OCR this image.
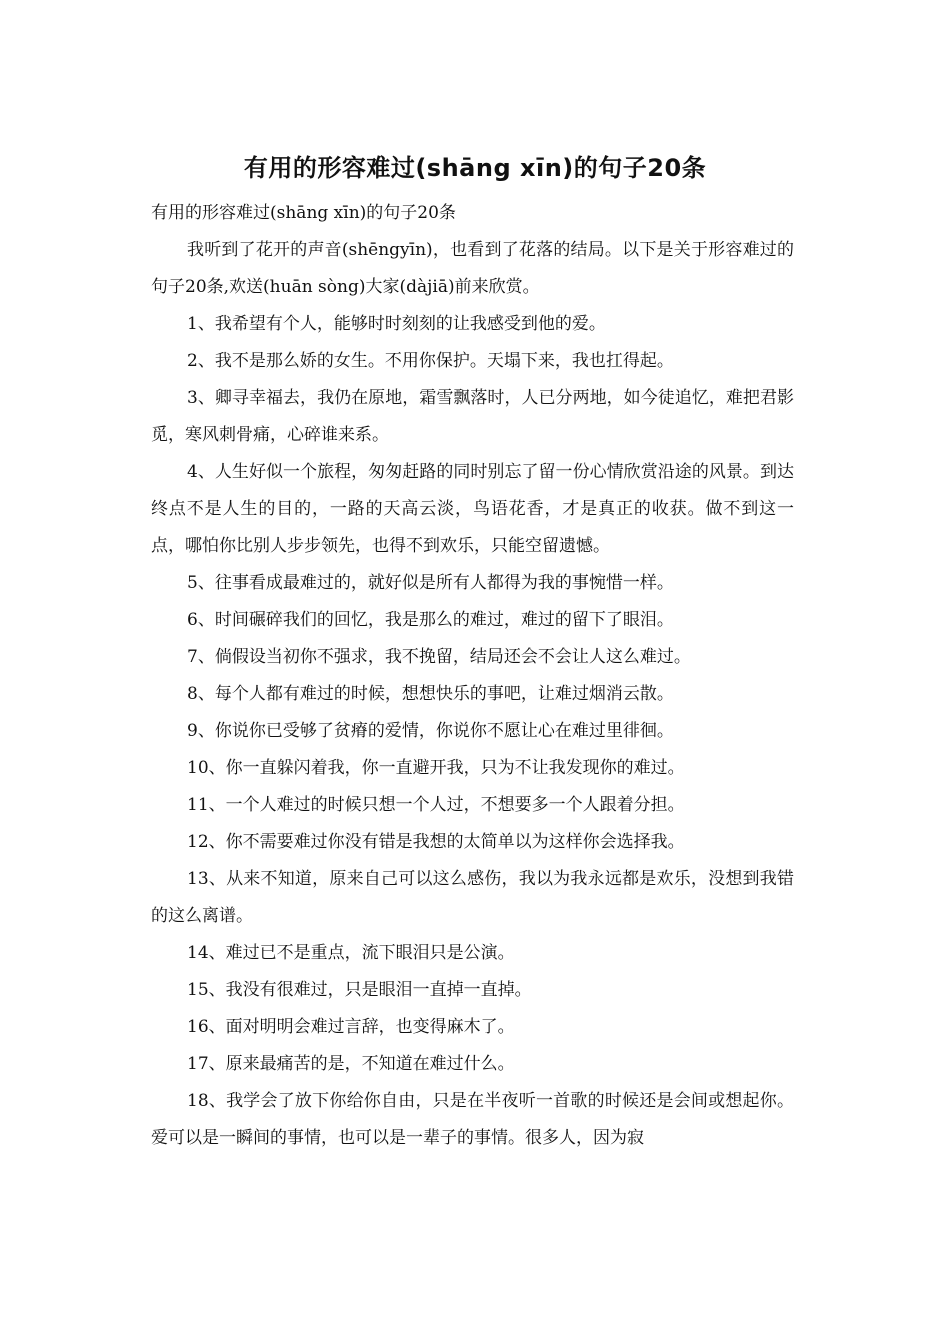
有用的形容难过(shāng xīn)的句子20条

有用的形容难过(shāng xīn)的句子20条

我听到了花开的声音(shēngyīn)，也看到了花落的结局。以下是关于形容难过的句子20条,欢送(huān sòng)大家(dàjiā)前来欣赏。

1、我希望有个人，能够时时刻刻的让我感受到他的爱。

2、我不是那么娇的女生。不用你保护。天塌下来，我也扛得起。

3、卿寻幸福去，我仍在原地，霜雪飘落时，人已分两地，如今徒追忆，难把君影觅，寒风刺骨痛，心碎谁来系。

4、人生好似一个旅程，匆匆赶路的同时别忘了留一份心情欣赏沿途的风景。到达终点不是人生的目的，一路的天高云淡，鸟语花香，才是真正的收获。做不到这一点，哪怕你比别人步步领先，也得不到欢乐，只能空留遗憾。

5、往事看成最难过的，就好似是所有人都得为我的事惋惜一样。

6、时间碾碎我们的回忆，我是那么的难过，难过的留下了眼泪。

7、倘假设当初你不强求，我不挽留，结局还会不会让人这么难过。

8、每个人都有难过的时候，想想快乐的事吧，让难过烟消云散。

9、你说你已受够了贫瘠的爱情，你说你不愿让心在难过里徘徊。

10、你一直躲闪着我，你一直避开我，只为不让我发现你的难过。

11、一个人难过的时候只想一个人过，不想要多一个人跟着分担。

12、你不需要难过你没有错是我想的太简单以为这样你会选择我。

13、从来不知道，原来自己可以这么感伤，我以为我永远都是欢乐，没想到我错的这么离谱。

14、难过已不是重点，流下眼泪只是公演。

15、我没有很难过，只是眼泪一直掉一直掉。

16、面对明明会难过言辞，也变得麻木了。

17、原来最痛苦的是，不知道在难过什么。

18、我学会了放下你给你自由，只是在半夜听一首歌的时候还是会间或想起你。爱可以是一瞬间的事情，也可以是一辈子的事情。很多人，因为寂
